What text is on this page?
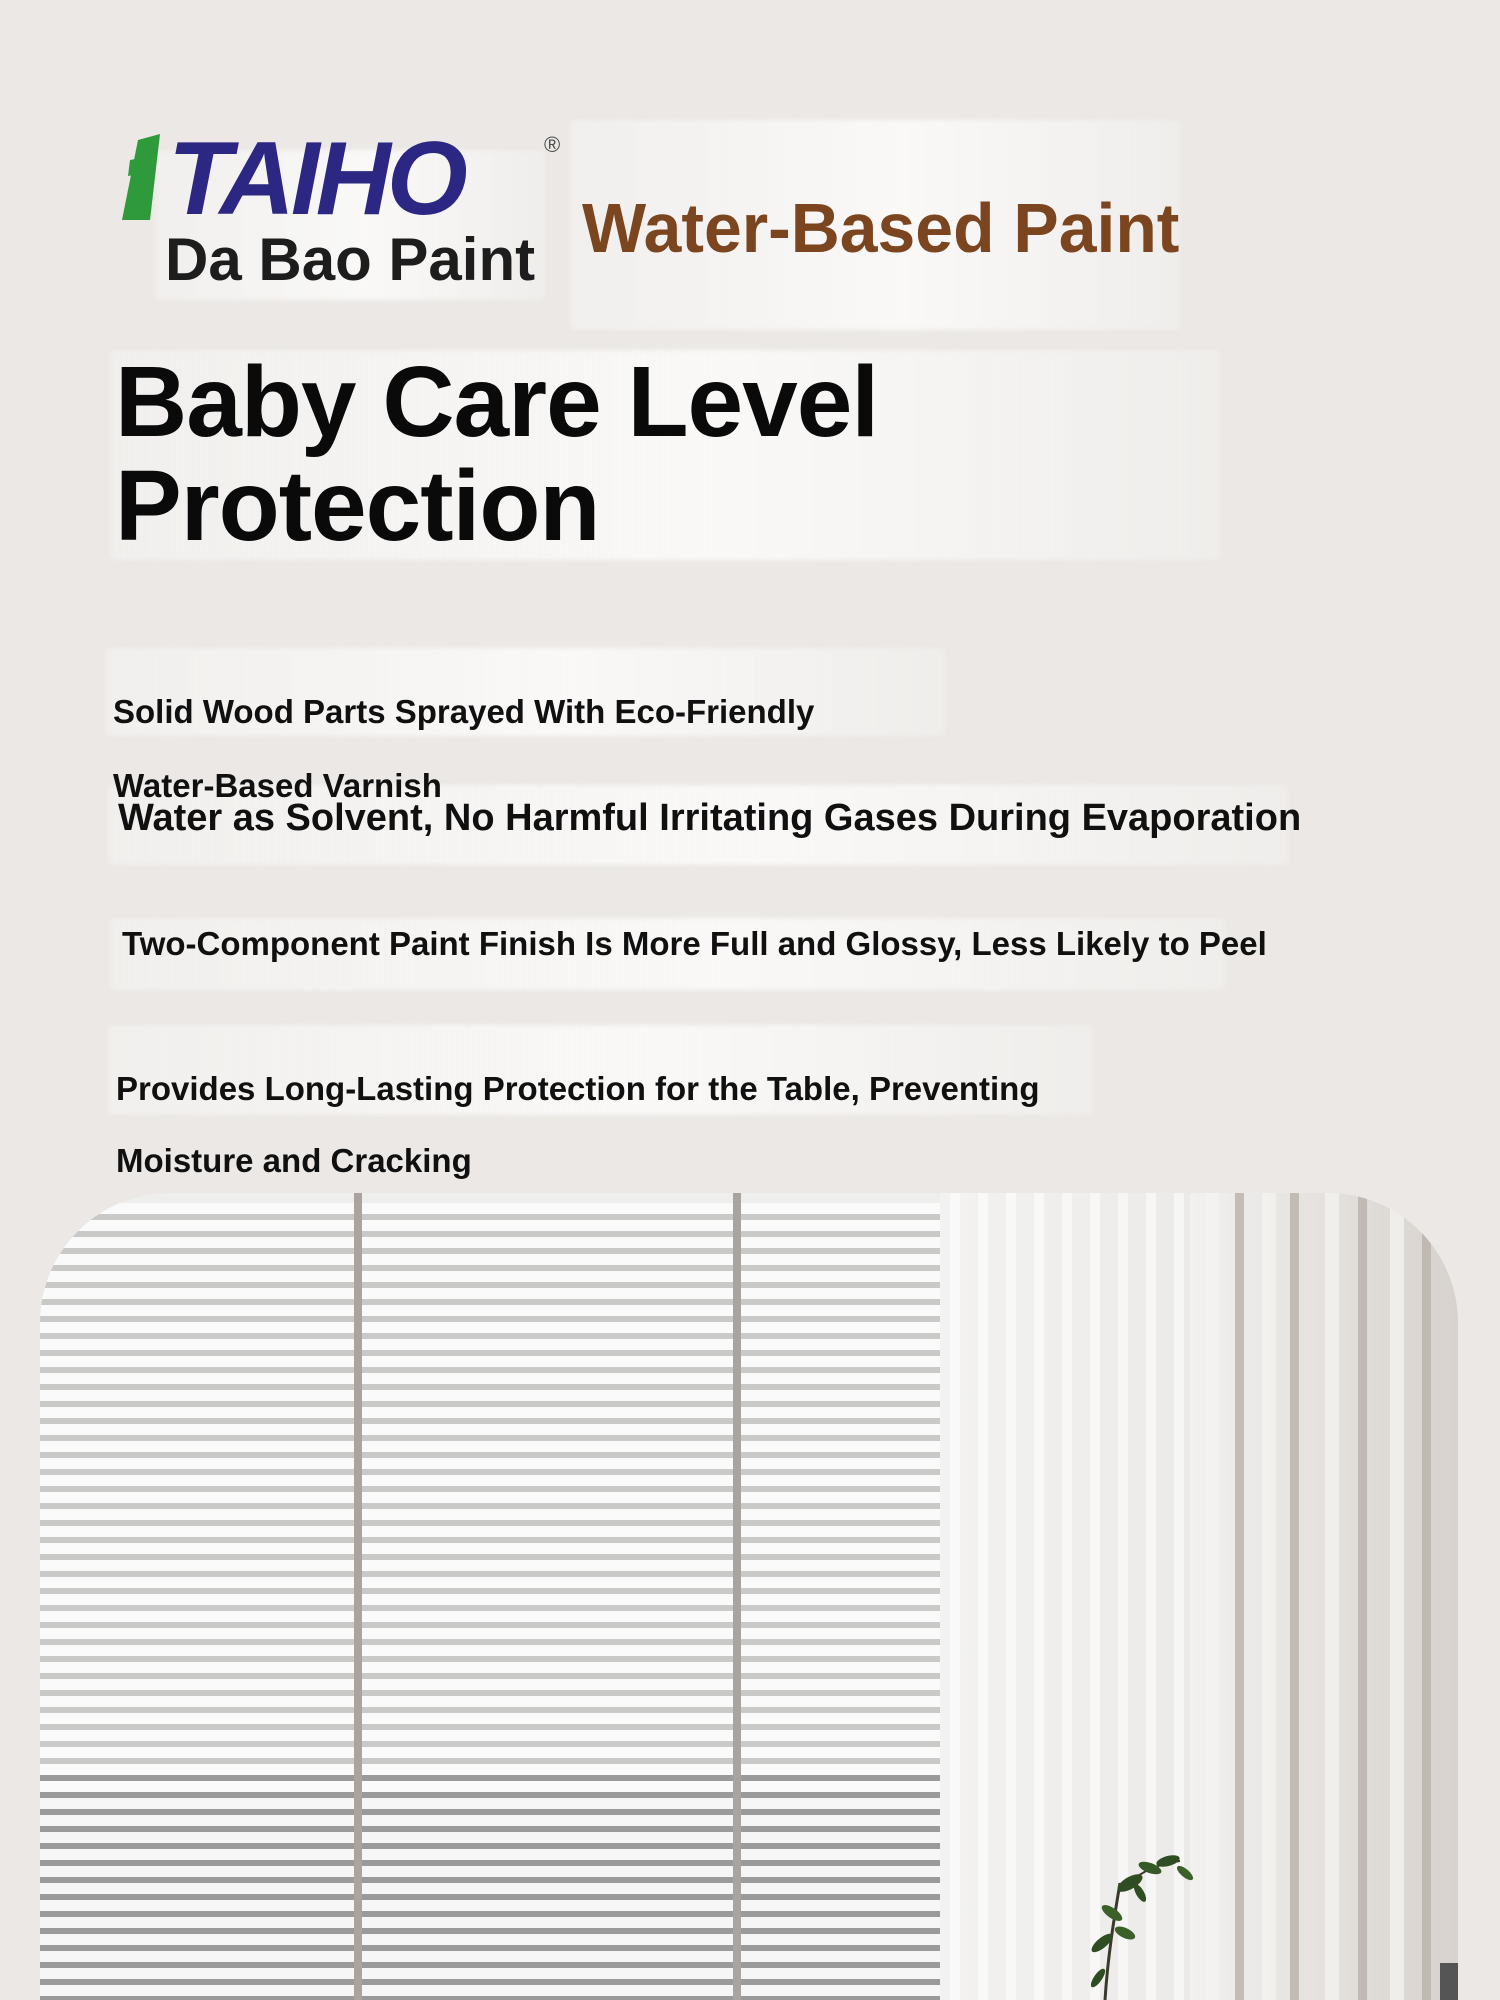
TAIHO	®
Da Bao Paint Water-Based Paint
Baby Care Level
Protection

Solid Wood Parts Sprayed With Eco-Friendly

Water-Based Varnish

Water as Solvent, No Harmful Irritating Gases During Evaporation
Two-Component Paint Finish Is More Full and Glossy, Less Likely to Peel

Provides Long-Lasting Protection for the Table, Preventing

Moisture and Cracking
